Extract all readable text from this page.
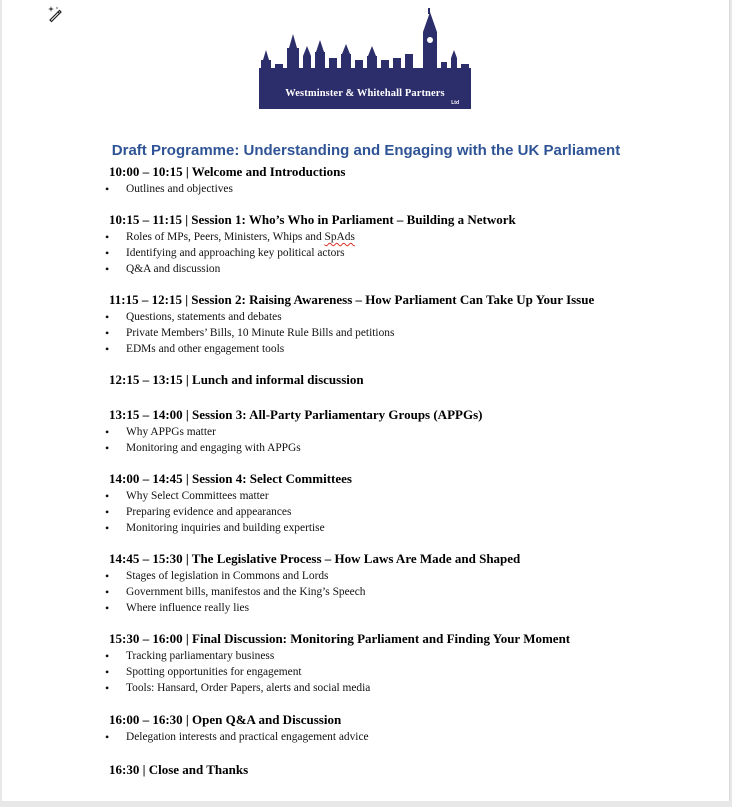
Westminster & Whitehall Partners
Ltd
Draft Programme: Understanding and Engaging with the UK Parliament
10:00 – 10:15 | Welcome and Introductions
• Outlines and objectives
10:15 – 11:15 | Session 1: Who’s Who in Parliament – Building a Network
• Roles of MPs, Peers, Ministers, Whips and SpAds
• Identifying and approaching key political actors
• Q&A and discussion
11:15 – 12:15 | Session 2: Raising Awareness – How Parliament Can Take Up Your Issue
• Questions, statements and debates
• Private Members’ Bills, 10 Minute Rule Bills and petitions
• EDMs and other engagement tools
12:15 – 13:15 | Lunch and informal discussion
13:15 – 14:00 | Session 3: All-Party Parliamentary Groups (APPGs)
• Why APPGs matter
• Monitoring and engaging with APPGs
14:00 – 14:45 | Session 4: Select Committees
• Why Select Committees matter
• Preparing evidence and appearances
• Monitoring inquiries and building expertise
14:45 – 15:30 | The Legislative Process – How Laws Are Made and Shaped
• Stages of legislation in Commons and Lords
• Government bills, manifestos and the King’s Speech
• Where influence really lies
15:30 – 16:00 | Final Discussion: Monitoring Parliament and Finding Your Moment
• Tracking parliamentary business
• Spotting opportunities for engagement
• Tools: Hansard, Order Papers, alerts and social media
16:00 – 16:30 | Open Q&A and Discussion
• Delegation interests and practical engagement advice
16:30 | Close and Thanks
